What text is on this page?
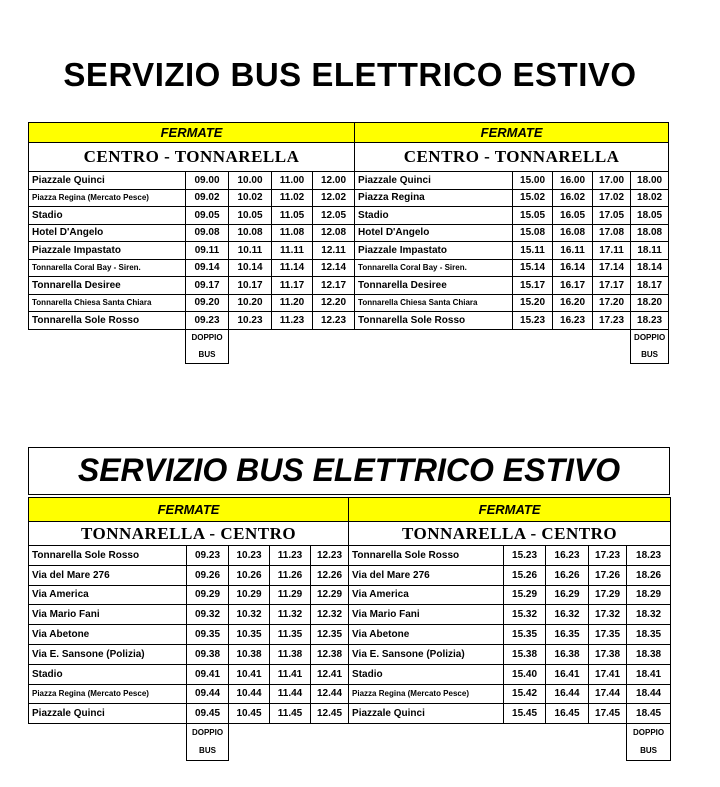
SERVIZIO BUS ELETTRICO ESTIVO
FERMATE					FERMATE				
CENTRO - TONNARELLA					CENTRO - TONNARELLA				
Piazzale Quinci	09.00	10.00	11.00	12.00	Piazzale Quinci	15.00	16.00	17.00	18.00
Piazza Regina (Mercato Pesce)	09.02	10.02	11.02	12.02	Piazza Regina	15.02	16.02	17.02	18.02
Stadio	09.05	10.05	11.05	12.05	Stadio	15.05	16.05	17.05	18.05
Hotel D'Angelo	09.08	10.08	11.08	12.08	Hotel D'Angelo	15.08	16.08	17.08	18.08
Piazzale Impastato	09.11	10.11	11.11	12.11	Piazzale Impastato	15.11	16.11	17.11	18.11
Tonnarella Coral Bay - Siren.	09.14	10.14	11.14	12.14	Tonnarella Coral Bay - Siren.	15.14	16.14	17.14	18.14
Tonnarella Desiree	09.17	10.17	11.17	12.17	Tonnarella Desiree	15.17	16.17	17.17	18.17
Tonnarella Chiesa Santa Chiara	09.20	10.20	11.20	12.20	Tonnarella Chiesa Santa Chiara	15.20	16.20	17.20	18.20
Tonnarella Sole Rosso	09.23	10.23	11.23	12.23	Tonnarella Sole Rosso	15.23	16.23	17.23	18.23
	DOPPIO								DOPPIO
	BUS								BUS
SERVIZIO BUS ELETTRICO ESTIVO
FERMATE					FERMATE				
TONNARELLA - CENTRO					TONNARELLA - CENTRO				
Tonnarella Sole Rosso	09.23	10.23	11.23	12.23	Tonnarella Sole Rosso	15.23	16.23	17.23	18.23
Via del Mare 276	09.26	10.26	11.26	12.26	Via del Mare 276	15.26	16.26	17.26	18.26
Via America	09.29	10.29	11.29	12.29	Via America	15.29	16.29	17.29	18.29
Via Mario Fani	09.32	10.32	11.32	12.32	Via Mario Fani	15.32	16.32	17.32	18.32
Via Abetone	09.35	10.35	11.35	12.35	Via Abetone	15.35	16.35	17.35	18.35
Via E. Sansone (Polizia)	09.38	10.38	11.38	12.38	Via E. Sansone (Polizia)	15.38	16.38	17.38	18.38
Stadio	09.41	10.41	11.41	12.41	Stadio	15.40	16.41	17.41	18.41
Piazza Regina (Mercato Pesce)	09.44	10.44	11.44	12.44	Piazza Regina (Mercato Pesce)	15.42	16.44	17.44	18.44
Piazzale Quinci	09.45	10.45	11.45	12.45	Piazzale Quinci	15.45	16.45	17.45	18.45
	DOPPIO								DOPPIO
	BUS								BUS
